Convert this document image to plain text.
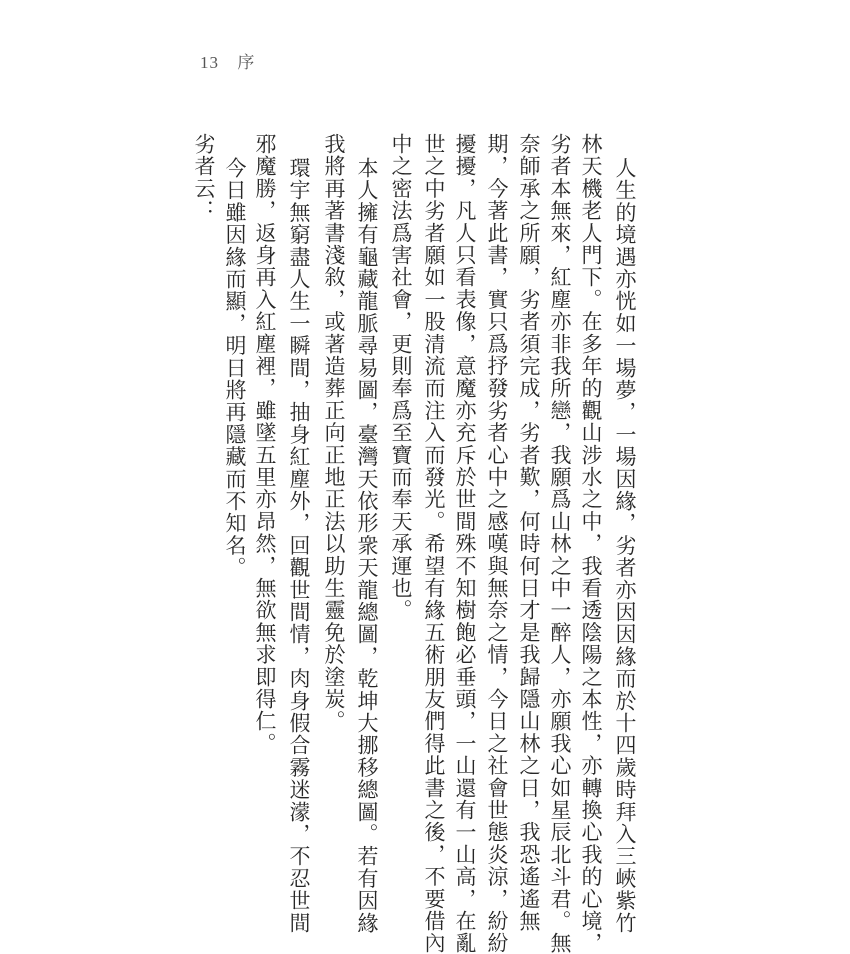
13 序
人生的境遇亦恍如一場夢，一場因緣，劣者亦因因緣而於十四歲時拜入三峽紫竹
林天機老人門下。在多年的觀山涉水之中，我看透陰陽之本性，亦轉換心我的心境，
劣者本無來，紅塵亦非我所戀，我願爲山林之中一醉人，亦願我心如星辰北斗君。無
奈師承之所願，劣者須完成，劣者歎，何時何日才是我歸隱山林之日，我恐遙遙無
期，今著此書，實只爲抒發劣者心中之感嘆與無奈之情，今日之社會世態炎涼，紛紛
擾擾，凡人只看表像，意魔亦充斥於世間殊不知樹飽必垂頭，一山還有一山高，在亂
世之中劣者願如一股清流而注入而發光。希望有緣五術朋友們得此書之後，不要借內
中之密法爲害社會，更則奉爲至寶而奉天承運也。
本人擁有龜藏龍脈尋易圖，臺灣天依形衆天龍總圖，乾坤大挪移總圖。若有因緣
我將再著書淺敘，或著造葬正向正地正法以助生靈免於塗炭。
環宇無窮盡人生一瞬間，抽身紅塵外，回觀世間情，肉身假合霧迷濛，不忍世間
邪魔勝，返身再入紅塵裡，雖墜五里亦昂然，無欲無求即得仁。
今日雖因緣而顯，明日將再隱藏而不知名。
劣者云：
